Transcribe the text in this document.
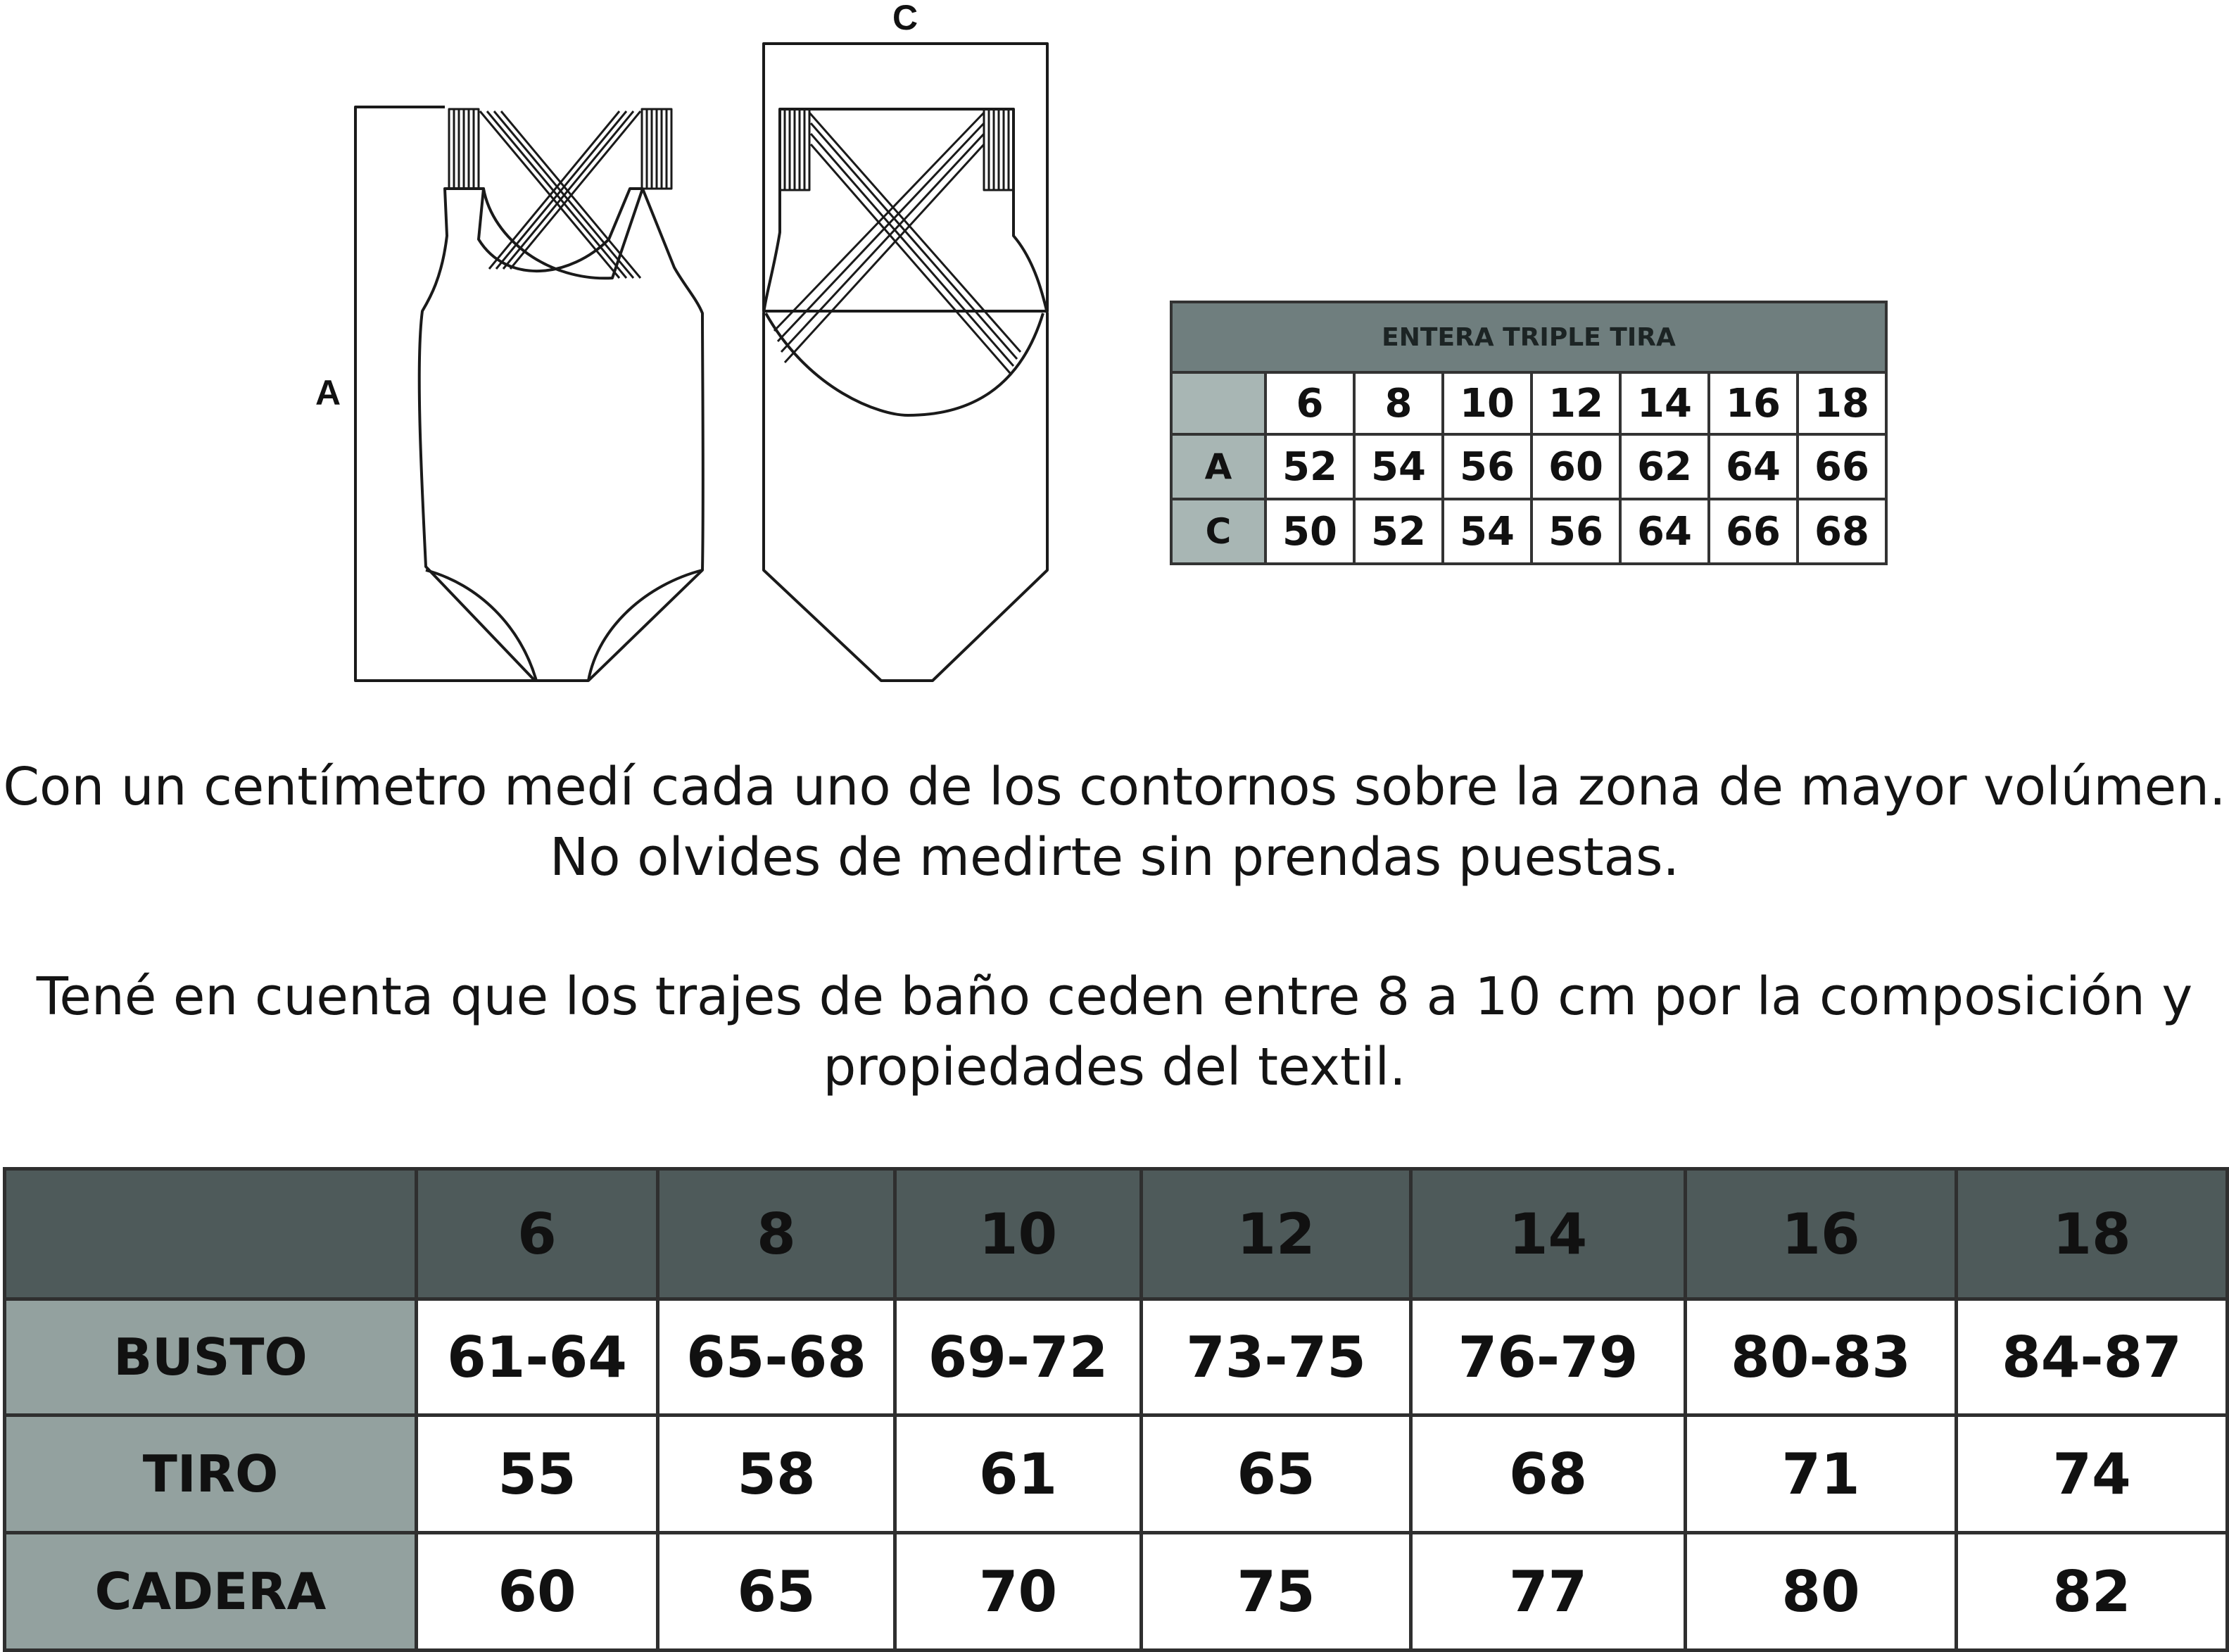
A
C
ENTERA TRIPLE TIRA							
	6	8	10	12	14	16	18
A	52	54	56	60	62	64	66
C	50	52	54	56	64	66	68
Con un centímetro medí cada uno de los contornos sobre la zona de mayor volúmen. No olvides de medirte sin prendas puestas.
Tené en cuenta que los trajes de baño ceden entre 8 a 10 cm por la composición y propiedades del textil.
	6	8	10	12	14	16	18
BUSTO	61-64	65-68	69-72	73-75	76-79	80-83	84-87
TIRO	55	58	61	65	68	71	74
CADERA	60	65	70	75	77	80	82
